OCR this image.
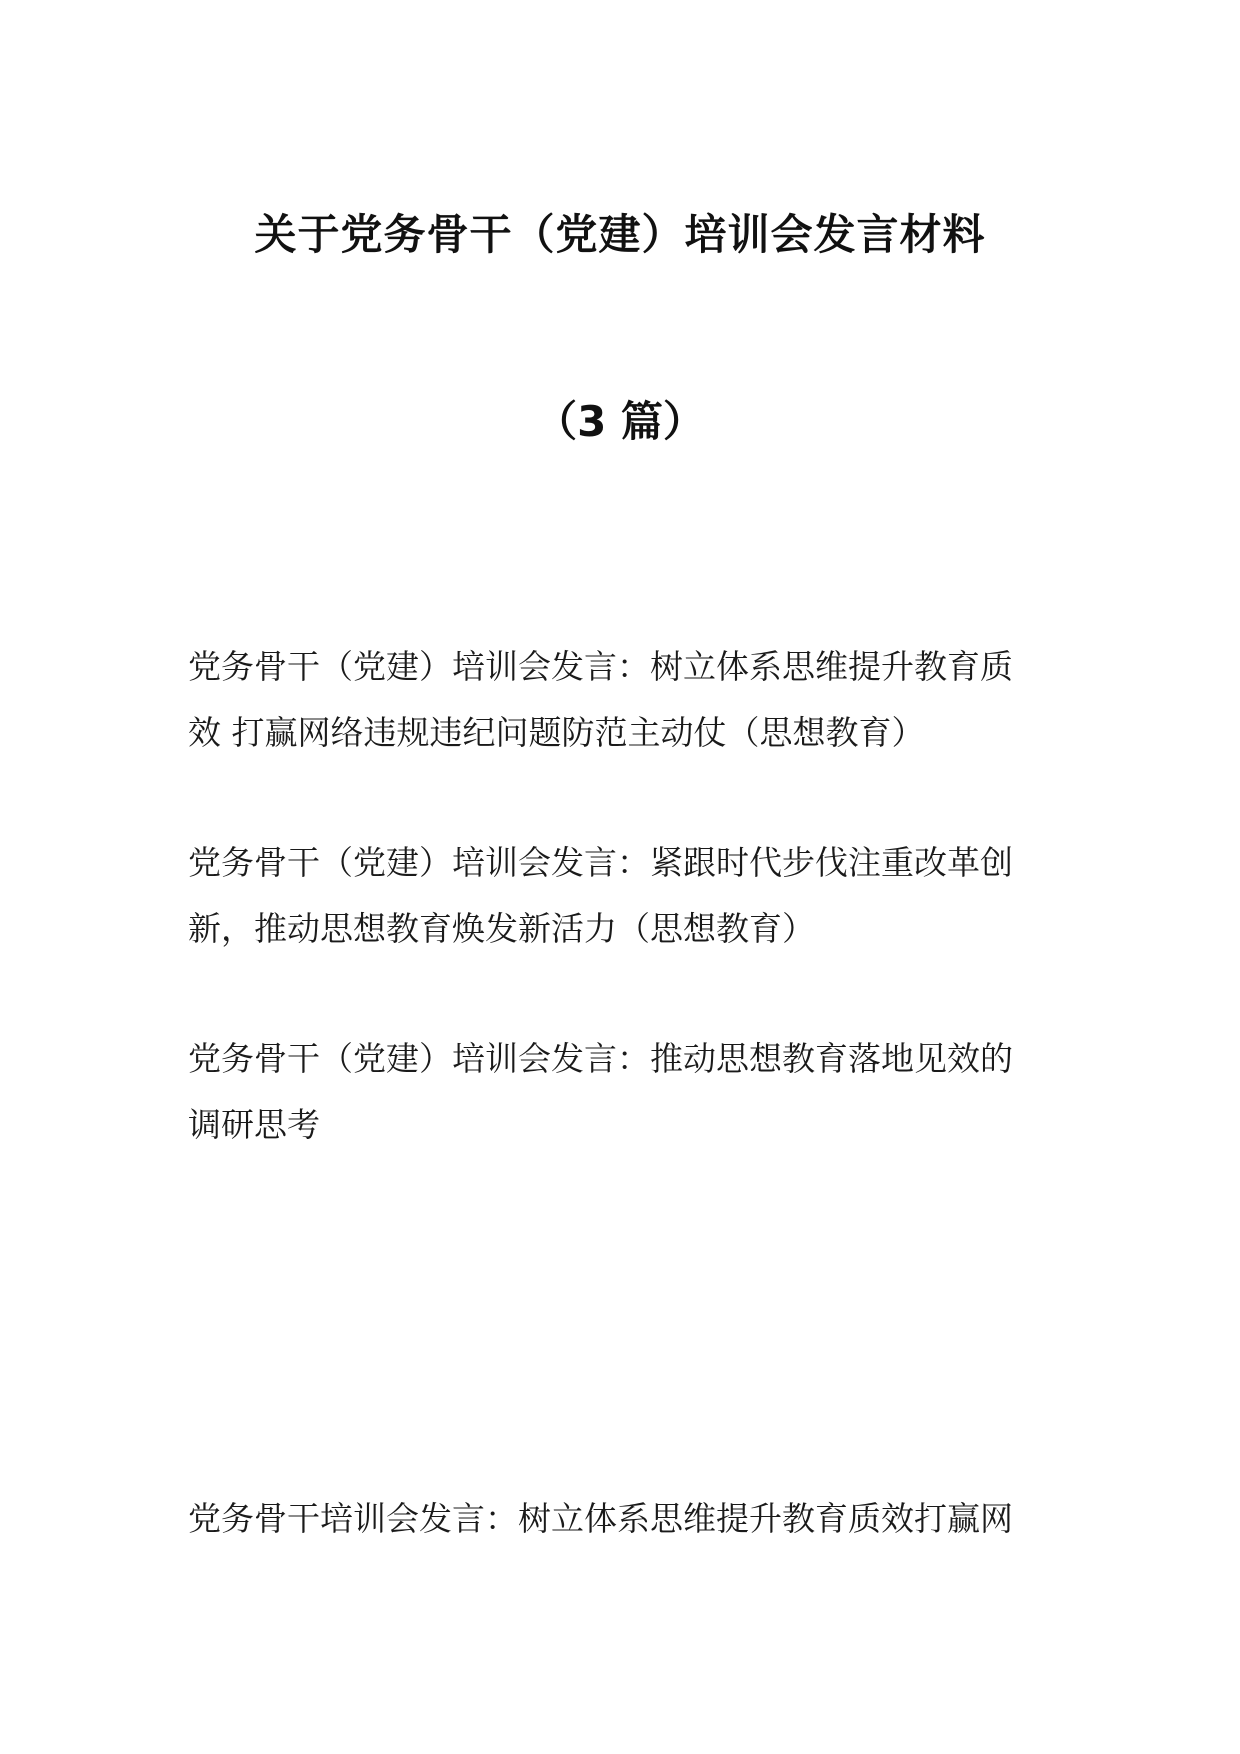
关于党务骨干（党建）培训会发言材料
（3 篇）

党务骨干（党建）培训会发言：树立体系思维提升教育质
效 打赢网络违规违纪问题防范主动仗（思想教育）

党务骨干（党建）培训会发言：紧跟时代步伐注重改革创
新，推动思想教育焕发新活力（思想教育）

党务骨干（党建）培训会发言：推动思想教育落地见效的
调研思考

党务骨干培训会发言：树立体系思维提升教育质效打赢网
